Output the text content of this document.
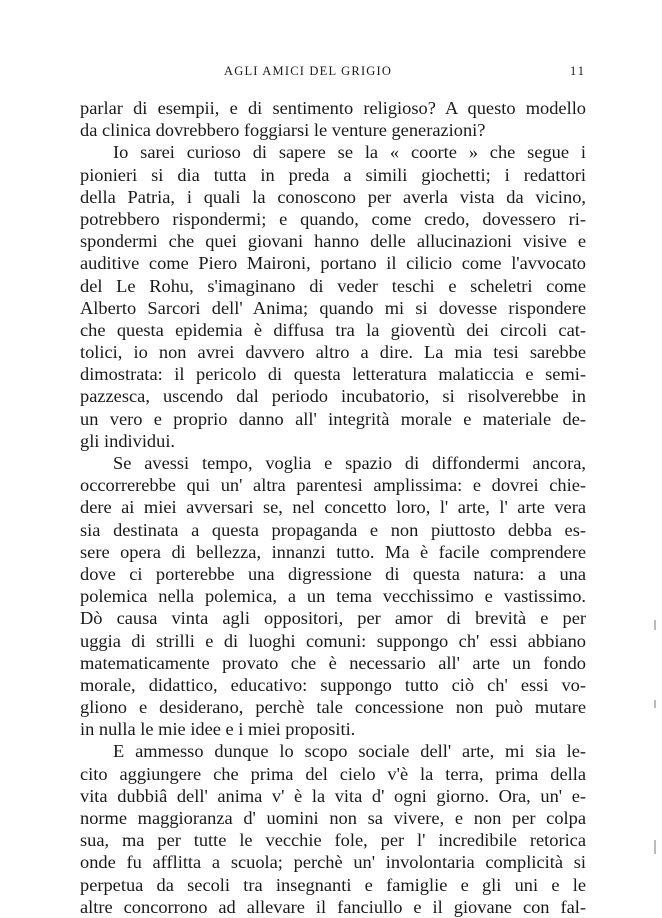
AGLI AMICI DEL GRIGIO	11
parlar di esempii, e di sentimento religioso? A questo modello
da clinica dovrebbero foggiarsi le venture generazioni?
Io sarei curioso di sapere se la « coorte » che segue i
pionieri si dia tutta in preda a simili giochetti; i redattori
della Patria, i quali la conoscono per averla vista da vicino,
potrebbero rispondermi; e quando, come credo, dovessero ri-
spondermi che quei giovani hanno delle allucinazioni visive e
auditive come Piero Maironi, portano il cilicio come l'avvocato
del Le Rohu, s'imaginano di veder teschi e scheletri come
Alberto Sarcori dell' Anima; quando mi si dovesse rispondere
che questa epidemia è diffusa tra la gioventù dei circoli cat-
tolici, io non avrei davvero altro a dire. La mia tesi sarebbe
dimostrata: il pericolo di questa letteratura malaticcia e semi-
pazzesca, uscendo dal periodo incubatorio, si risolverebbe in
un vero e proprio danno all' integrità morale e materiale de-
gli individui.
Se avessi tempo, voglia e spazio di diffondermi ancora,
occorrerebbe qui un' altra parentesi amplissima: e dovrei chie-
dere ai miei avversari se, nel concetto loro, l' arte, l' arte vera
sia destinata a questa propaganda e non piuttosto debba es-
sere opera di bellezza, innanzi tutto. Ma è facile comprendere
dove ci porterebbe una digressione di questa natura: a una
polemica nella polemica, a un tema vecchissimo e vastissimo.
Dò causa vinta agli oppositori, per amor di brevità e per
uggia di strilli e di luoghi comuni: suppongo ch' essi abbiano
matematicamente provato che è necessario all' arte un fondo
morale, didattico, educativo: suppongo tutto ciò ch' essi vo-
gliono e desiderano, perchè tale concessione non può mutare
in nulla le mie idee e i miei propositi.
E ammesso dunque lo scopo sociale dell' arte, mi sia le-
cito aggiungere che prima del cielo v'è la terra, prima della
vita dubbiâ dell' anima v' è la vita d' ogni giorno. Ora, un' e-
norme maggioranza d' uomini non sa vivere, e non per colpa
sua, ma per tutte le vecchie fole, per l' incredibile retorica
onde fu afflitta a scuola; perchè un' involontaria complicità si
perpetua da secoli tra insegnanti e famiglie e gli uni e le
altre concorrono ad allevare il fanciullo e il giovane con fal-
